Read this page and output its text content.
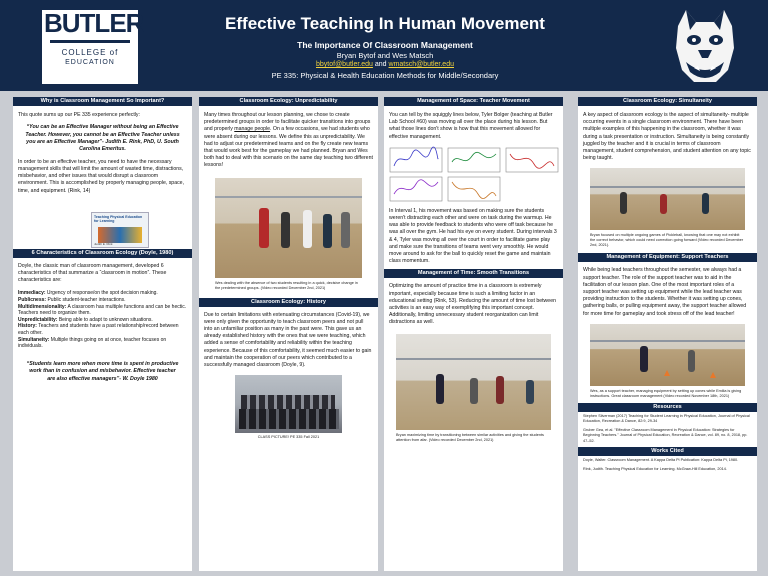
BUTLER
COLLEGE of
EDUCATION
Effective Teaching In Human Movement
The Importance Of Classroom Management
Bryan Bytof and Wes Matsch
bbytof@butler.edu and wmatsch@butler.edu
PE 335: Physical & Health Education Methods for Middle/Secondary
Why is Classroom Management So Important?
This quote sums up our PE 335 experience perfectly:
“You can be an Effective Manager without being an Effective Teacher. However, you cannot be an Effective Teacher unless you are an Effective Manager”- Judith E. Rink, PhD, U. South Carolina Emeritus.
In order to be an effective teacher, you need to have the necessary management skills that will limit the amount of wasted time, distractions, misbehavior, and other issues that would disrupt a classroom environment. This is accomplished by properly managing people, space, time, and equipment. (Rink, 14)
Teaching Physical Education for Learning
Judith E. Rink
6 Characteristics of Classroom Ecology (Doyle, 1980)
Doyle, the classic man of classroom management, developed 6 characteristics of that summarize a “classroom in motion”. These characteristics are:
Immediacy: Urgency of response/on the spot decision making.
Publicness: Public student-teacher interactions.
Multidimensionality: A classroom has multiple functions and can be hectic. Teachers need to organize them.
Unpredictability: Being able to adapt to unknown situations.
History: Teachers and students have a past relationship/record between each other.
Simultaneity: Multiple things going on at once, teacher focuses on individuals.
“Students learn more when more time is spent in productive work than in confusion and misbehavior. Effective teacher are also effective managers”- W. Doyle 1980
Classroom Ecology: Unpredictability
Many times throughout our lesson planning, we chose to create predetermined groups in order to facilitate quicker transitions into groups and properly manage people. On a few occasions, we had students who were absent during our lessons. We define this as unpredictability. We had to adjust our predetermined teams and on the fly create new teams that would work best for the gameplay we had planned. Bryan and Wes both had to deal with this scenario on the same day teaching two different lessons!
Wes dealing with the absence of two students resulting in a quick, decisive change in the predetermined groups. (Video recorded December 2nd, 2021)
Classroom Ecology: History
Due to certain limitations with extenuating circumstances (Covid-19), we were only given the opportunity to teach classroom peers and not pull into an unfamiliar position as many in the past were. This gave us an already established history with the ones that we were teaching, which added a sense of comfortability and reliability within the teaching experience. Because of this comfortability, it seemed much easier to gain and maintain the cooperation of our peers which contributed to a successfully managed classroom (Doyle, 9).
CLASS PICTURE! PE 335 Fall 2021
Management of Space: Teacher Movement
You can tell by the squiggly lines below, Tyler Bolger (teaching at Butler Lab School #60) was moving all over the place during his lesson. But what those lines don't show is how that this movement allowed for effective management.
In Interval 1, his movement was based on making sure the students weren't distracting each other and were on task during the warmup. He was able to provide feedback to students who were off task because he was all over the gym. He had his eye on every student. During intervals 3 & 4, Tyler was moving all over the court in order to facilitate game play and make sure the transitions of teams went very smoothly. He would move around to ask for the ball to quickly reset the game and maintain class momentum.
Management of Time: Smooth Transitions
Optimizing the amount of practice time in a classroom is extremely important, especially because time is such a limiting factor in an educational setting (Rink, 53). Reducing the amount of time lost between activities is an easy way of exemplifying this important concept. Additionally, limiting unnecessary student reorganization can limit distractions as well.
Bryan maximizing time by transitioning between similar activities and giving the students attention from afar. (Video recorded December 2nd, 2021)
Classroom Ecology: Simultaneity
A key aspect of classroom ecology is the aspect of simultaneity- multiple occurring events in a single classroom environment. There have been multiple examples of this happening in the classroom, whether it was during a task presentation or instruction. Simultaneity is being constantly juggled by the teacher and it is crucial in terms of classroom management, student comprehension, and student attention on any topic being taught.
Bryan focused on multiple ongoing games of Pickleball, knowing that one may not exhibit the correct behavior, which could need correction going forward (Video recorded December 2nd, 2021).
Management of Equipment: Support Teachers
While being lead teachers throughout the semester, we always had a support teacher. The role of the support teacher was to aid in the facilitation of our lesson plan. One of the most important roles of a support teacher was setting up equipment while the lead teacher was providing instruction to the students. Whether it was setting up cones, gathering balls, or pulling equipment away, the support teacher allowed for more time for gameplay and took stress off of the lead teacher!
Wes, as a support teacher, managing equipment by setting up cones while Emilia is giving instructions. Great classroom management (Video recorded November 18th, 2021)
Resources
Stephen Silverman (2017) Teaching for Student Learning in Physical Education, Journal of Physical Education, Recreation & Dance, 82:9, 29-34
Gruber Gea, et al. "Effective Classroom Management in Physical Education: Strategies for Beginning Teachers." Journal of Physical Education, Recreation & Dance, vol. 89, no. 8, 2018, pp. 47–52.
Works Cited
Doyle, Walter. Classroom Management. A Kappa Delta Pi Publication: Kappa Delta Pi, 1980.
Rink, Judith. Teaching Physical Education for Learning. McGraw-Hill Education, 2014.
